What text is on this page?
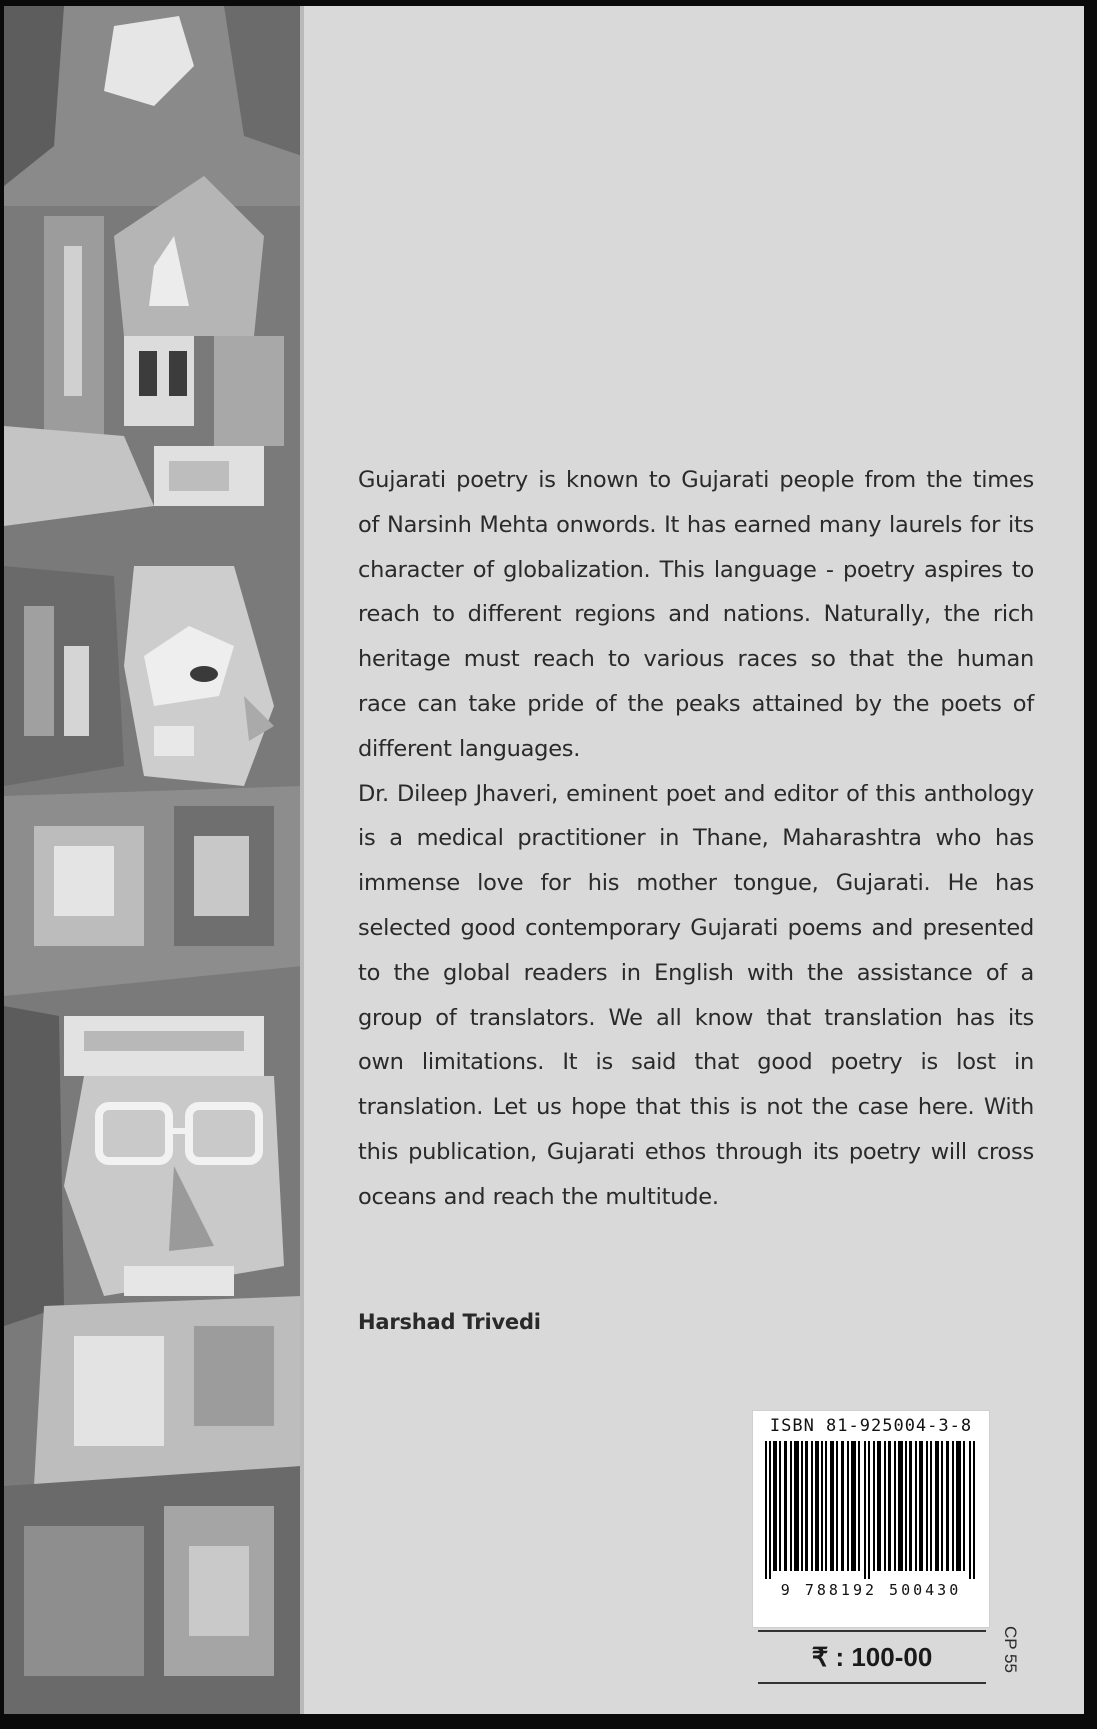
Gujarati poetry is known to Gujarati people from the times of Narsinh Mehta onwords. It has earned many laurels for its character of globalization. This language - poetry aspires to reach to different regions and nations. Naturally, the rich heritage must reach to various races so that the human race can take pride of the peaks attained by the poets of different languages.

Dr. Dileep Jhaveri, eminent poet and editor of this anthology is a medical practitioner in Thane, Maharashtra who has immense love for his mother tongue, Gujarati. He has selected good contemporary Gujarati poems and presented to the global readers in English with the assistance of a group of translators. We all know that translation has its own limitations. It is said that good poetry is lost in translation. Let us hope that this is not the case here. With this publication, Gujarati ethos through its poetry will cross oceans and reach the multitude.

Harshad Trivedi
ISBN 81-925004-3-8
9 788192 500430
₹ : 100-00	CP 55
